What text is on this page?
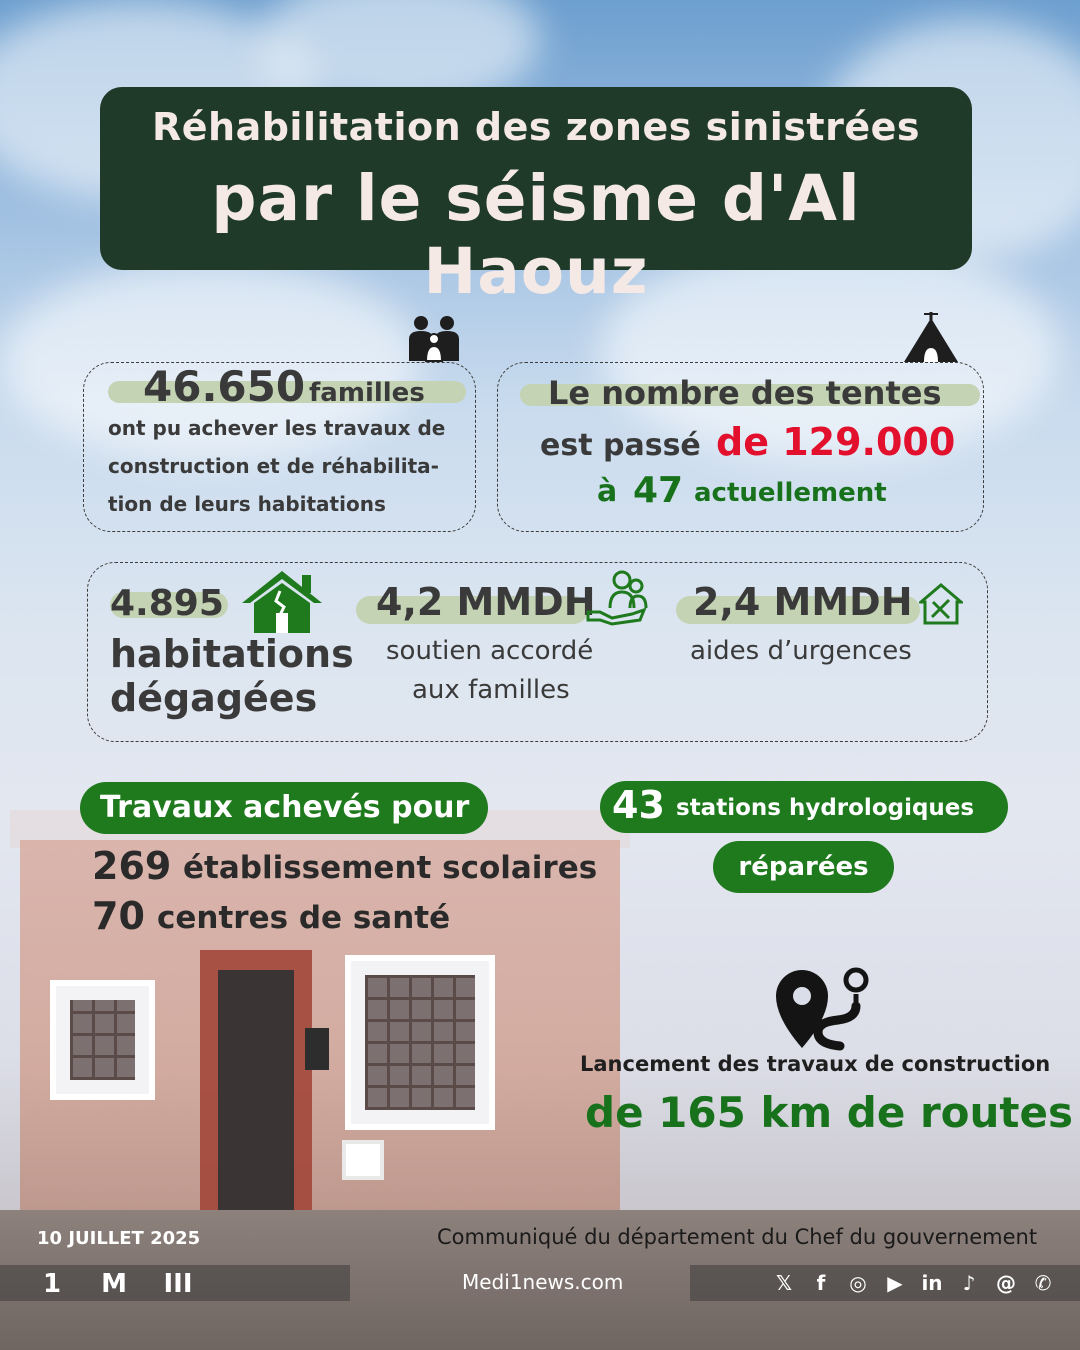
Réhabilitation des zones sinistrées
par le séisme d'Al Haouz
46.650 familles
ont pu achever les travaux de
construction et de réhabilita-
tion de leurs habitations
Le nombre des tentes
est passé de 129.000
à 47 actuellement
4.895
habitations
dégagées
4,2 MMDH
soutien accordé
aux familles
2,4 MMDH
aides d’urgences
Travaux achevés pour
269 établissement scolaires
70 centres de santé
43 stations hydrologiques
réparées
Lancement des travaux de construction
de 165 km de routes
10 JUILLET 2025	Communiqué du département du Chef du gouvernement
1	M	III	Medi1news.com	𝕏	f	◎	▶ in	♪	@ ✆
